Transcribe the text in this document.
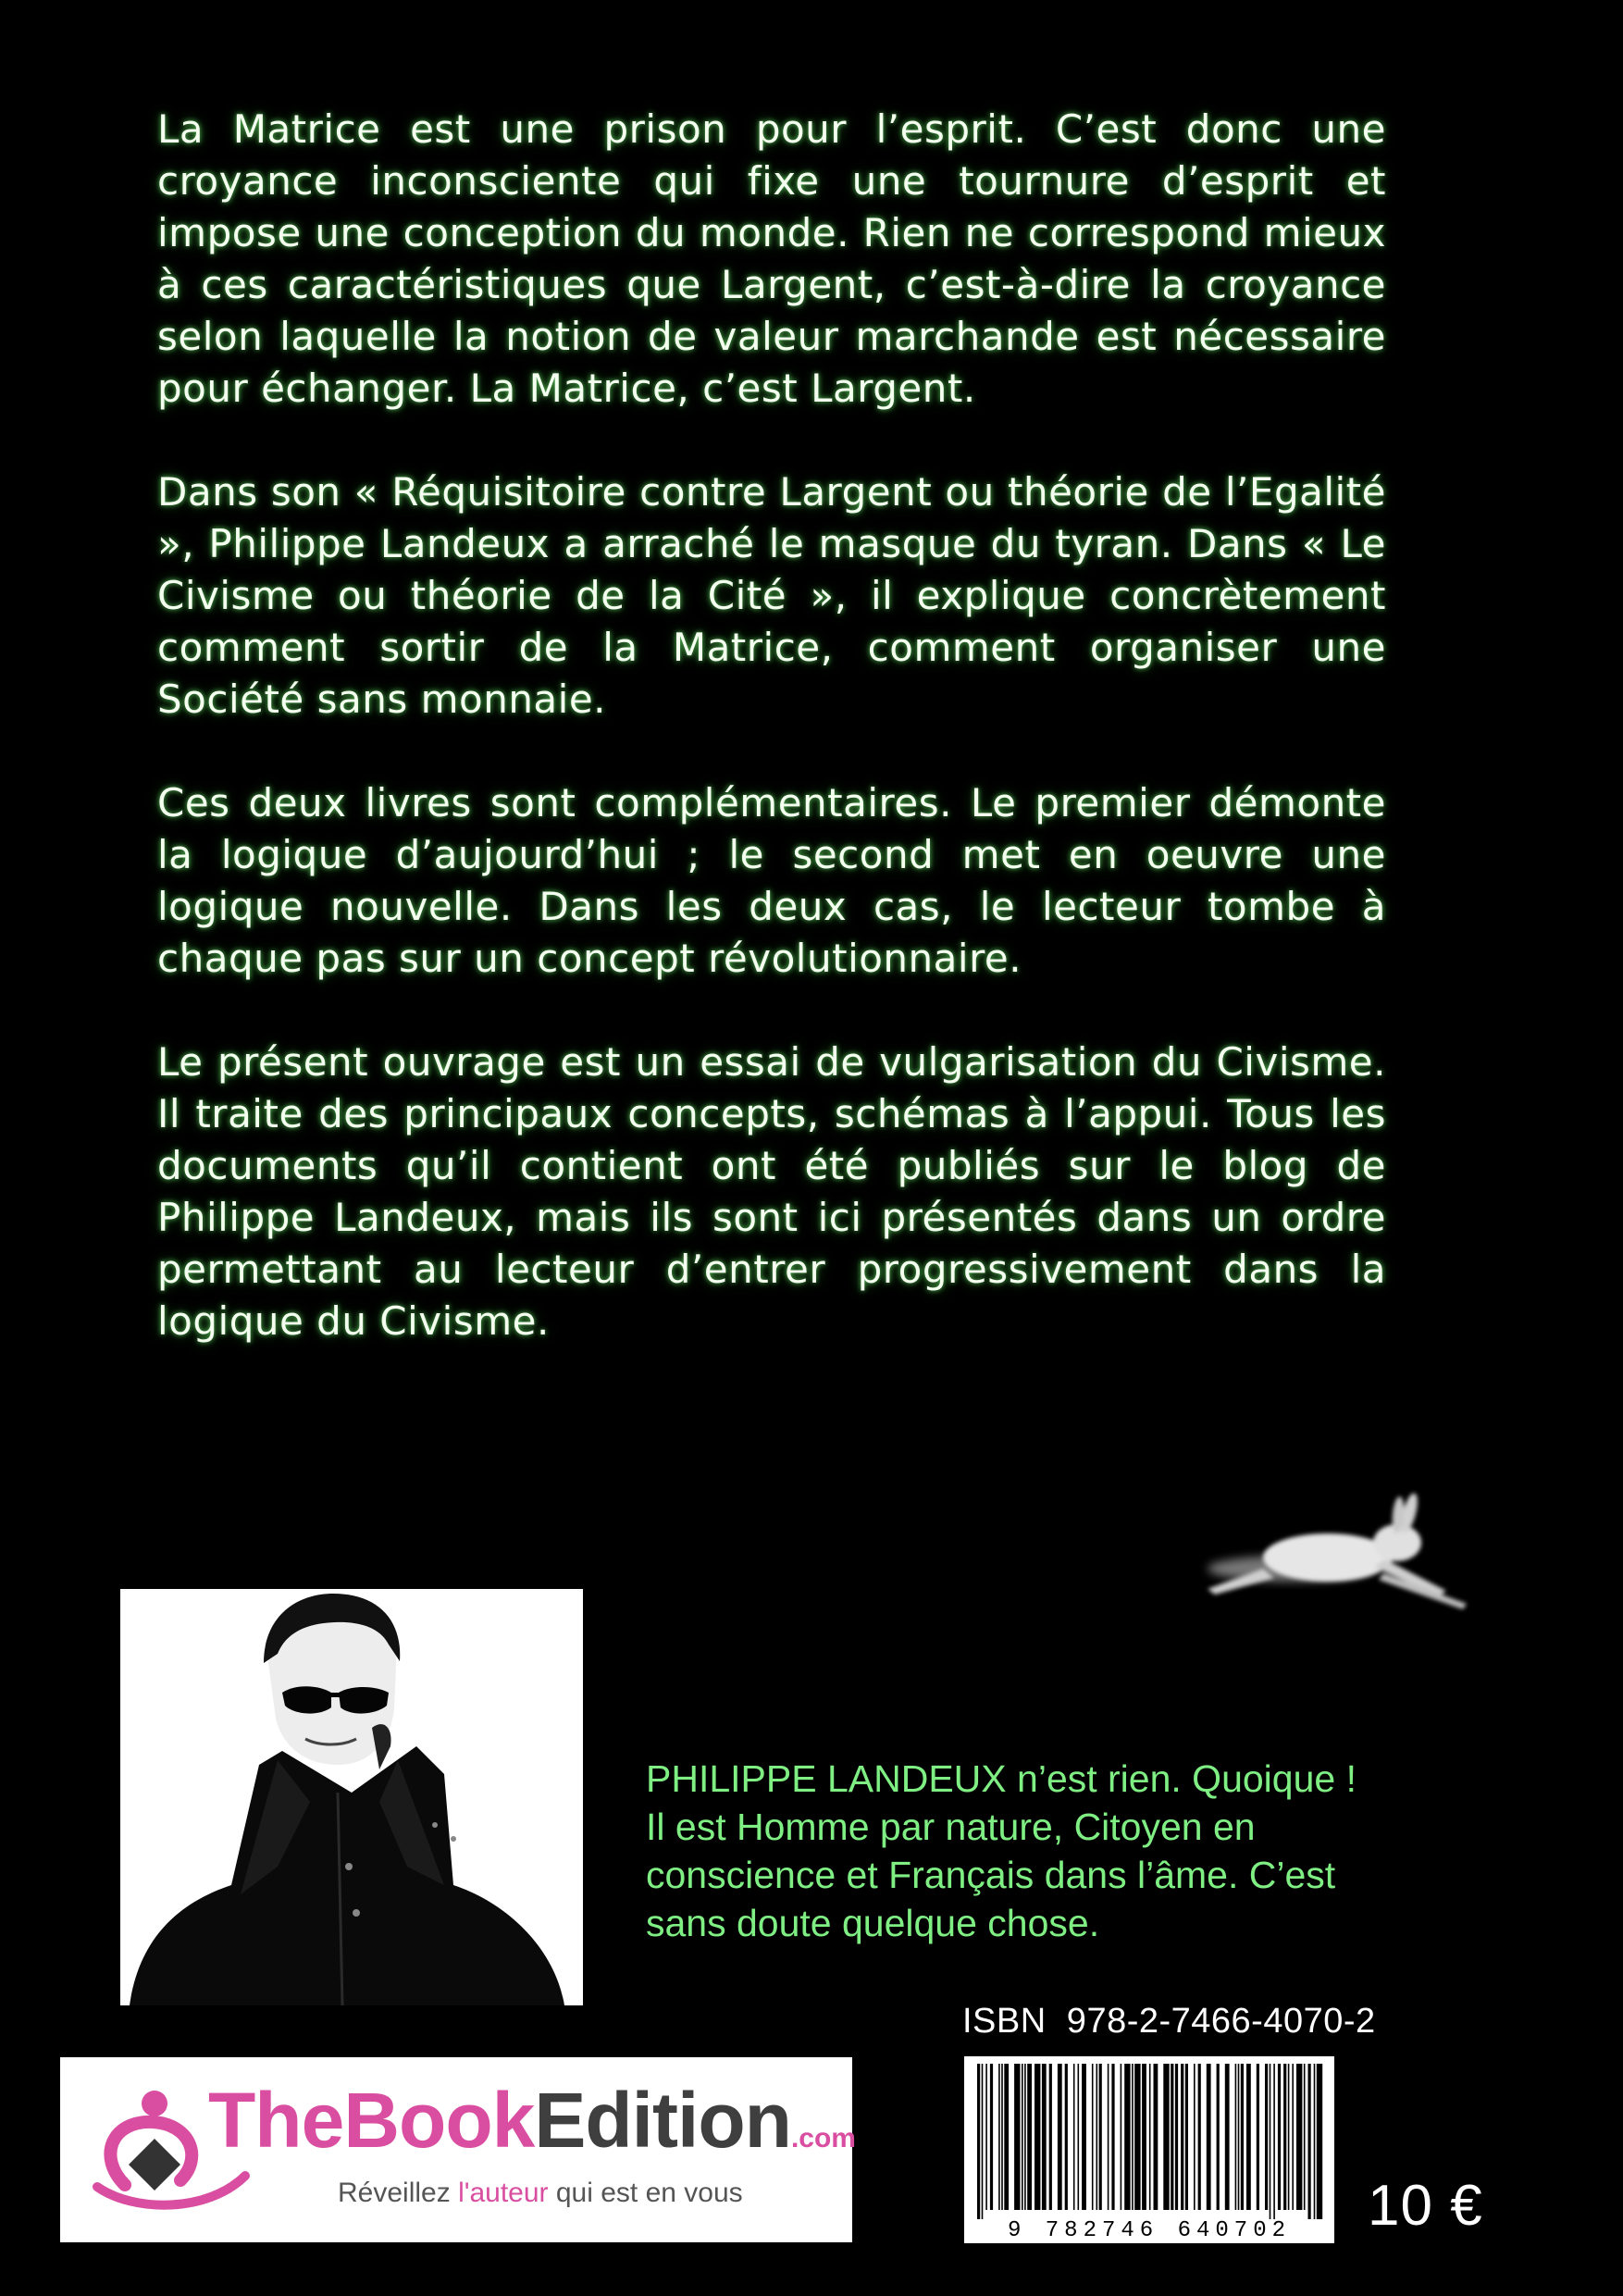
La Matrice est une prison pour l’esprit. C’est donc une croyance inconsciente qui fixe une tournure d’esprit et impose une conception du monde. Rien ne correspond mieux à ces caractéristiques que Largent, c’est-à-dire la croyance selon laquelle la notion de valeur marchande est nécessaire pour échanger. La Matrice, c’est Largent.

Dans son « Réquisitoire contre Largent ou théorie de l’Egalité », Philippe Landeux a arraché le masque du tyran. Dans « Le Civisme ou théorie de la Cité », il explique concrètement comment sortir de la Matrice, comment organiser une Société sans monnaie.

Ces deux livres sont complémentaires. Le premier démonte la logique d’aujourd’hui ; le second met en oeuvre une logique nouvelle. Dans les deux cas, le lecteur tombe à chaque pas sur un concept révolutionnaire.

Le présent ouvrage est un essai de vulgarisation du Civisme. Il traite des principaux concepts, schémas à l’appui. Tous les documents qu’il contient ont été publiés sur le blog de Philippe Landeux, mais ils sont ici présentés dans un ordre permettant au lecteur d’entrer progressivement dans la logique du Civisme.

PHILIPPE LANDEUX n’est rien. Quoique !

Il est Homme par nature, Citoyen en

conscience et Français dans l’âme. C’est

sans doute quelque chose.

ISBN  978-2-7466-4070-2
9 782746 640702 10 €
TheBookEdition.com
Réveillez l'auteur qui est en vous
